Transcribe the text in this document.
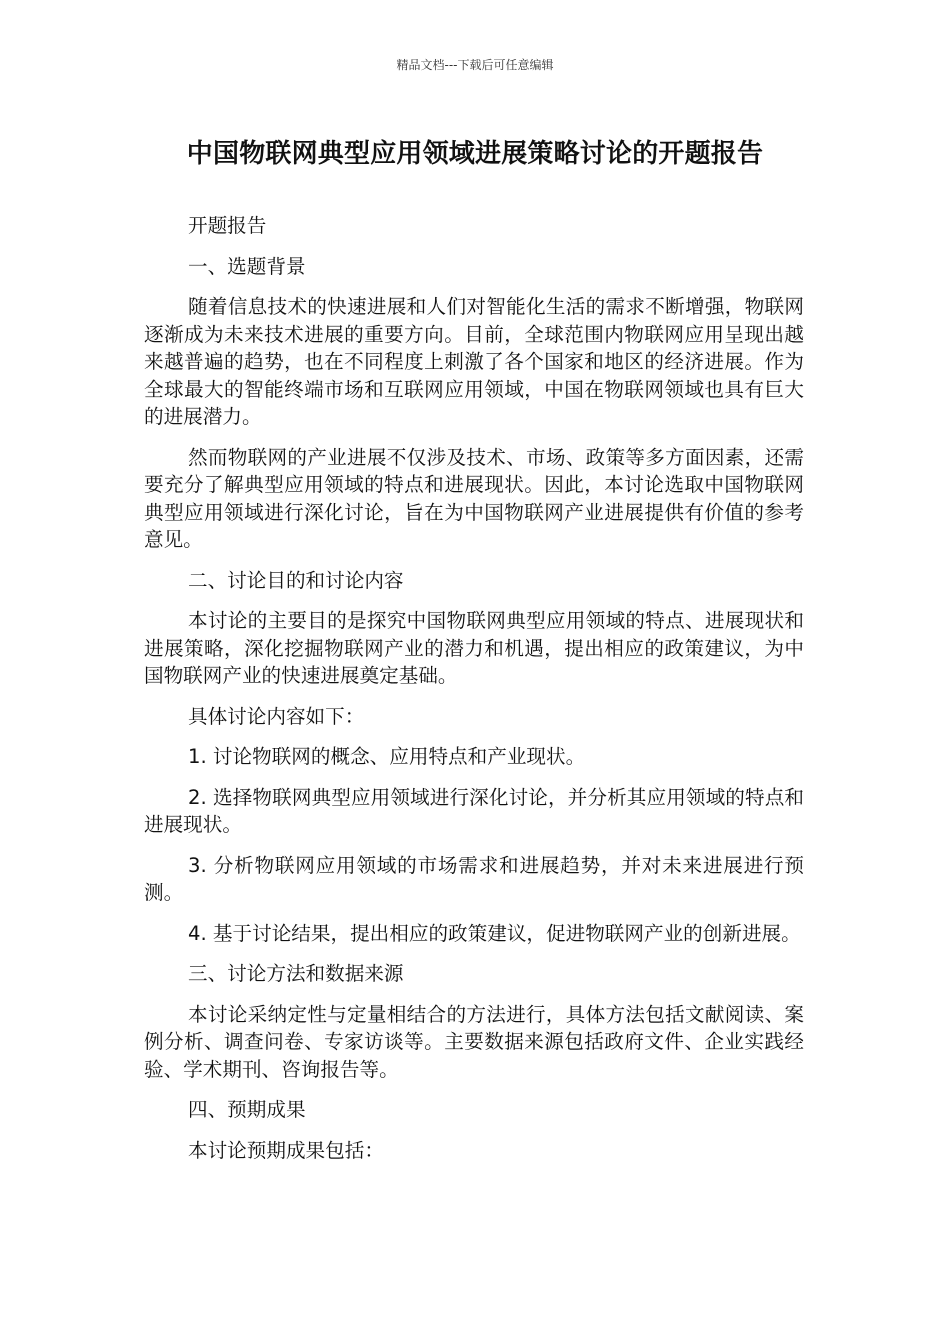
精品文档---下载后可任意编辑
中国物联网典型应用领域进展策略讨论的开题报告

开题报告

一、选题背景

随着信息技术的快速进展和人们对智能化生活的需求不断增强，物联网逐渐成为未来技术进展的重要方向。目前，全球范围内物联网应用呈现出越来越普遍的趋势，也在不同程度上刺激了各个国家和地区的经济进展。作为全球最大的智能终端市场和互联网应用领域，中国在物联网领域也具有巨大的进展潜力。

然而物联网的产业进展不仅涉及技术、市场、政策等多方面因素，还需要充分了解典型应用领域的特点和进展现状。因此，本讨论选取中国物联网典型应用领域进行深化讨论，旨在为中国物联网产业进展提供有价值的参考意见。

二、讨论目的和讨论内容

本讨论的主要目的是探究中国物联网典型应用领域的特点、进展现状和进展策略，深化挖掘物联网产业的潜力和机遇，提出相应的政策建议，为中国物联网产业的快速进展奠定基础。

具体讨论内容如下：

1. 讨论物联网的概念、应用特点和产业现状。

2. 选择物联网典型应用领域进行深化讨论，并分析其应用领域的特点和进展现状。

3. 分析物联网应用领域的市场需求和进展趋势，并对未来进展进行预测。

4. 基于讨论结果，提出相应的政策建议，促进物联网产业的创新进展。

三、讨论方法和数据来源

本讨论采纳定性与定量相结合的方法进行，具体方法包括文献阅读、案例分析、调查问卷、专家访谈等。主要数据来源包括政府文件、企业实践经验、学术期刊、咨询报告等。

四、预期成果

本讨论预期成果包括：
